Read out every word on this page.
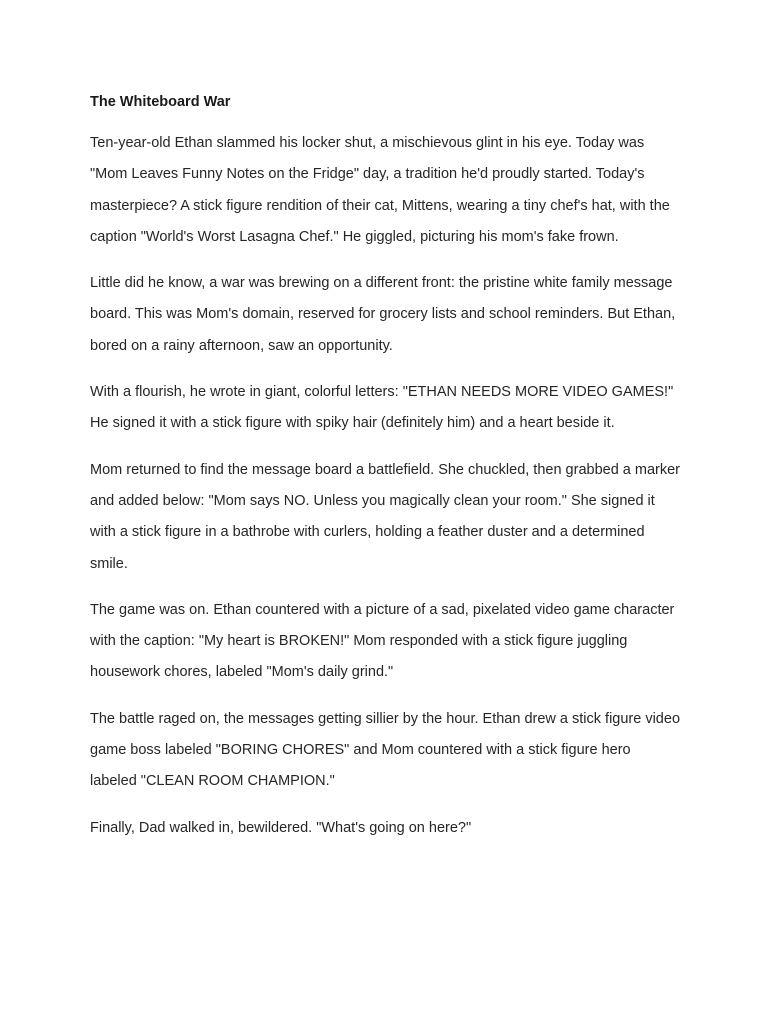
The Whiteboard War

Ten-year-old Ethan slammed his locker shut, a mischievous glint in his eye. Today was "Mom Leaves Funny Notes on the Fridge" day, a tradition he'd proudly started. Today's masterpiece? A stick figure rendition of their cat, Mittens, wearing a tiny chef's hat, with the caption "World's Worst Lasagna Chef." He giggled, picturing his mom's fake frown.

Little did he know, a war was brewing on a different front: the pristine white family message board. This was Mom's domain, reserved for grocery lists and school reminders. But Ethan, bored on a rainy afternoon, saw an opportunity.

With a flourish, he wrote in giant, colorful letters: "ETHAN NEEDS MORE VIDEO GAMES!" He signed it with a stick figure with spiky hair (definitely him) and a heart beside it.

Mom returned to find the message board a battlefield. She chuckled, then grabbed a marker and added below: "Mom says NO. Unless you magically clean your room." She signed it with a stick figure in a bathrobe with curlers, holding a feather duster and a determined smile.

The game was on. Ethan countered with a picture of a sad, pixelated video game character with the caption: "My heart is BROKEN!" Mom responded with a stick figure juggling housework chores, labeled "Mom's daily grind."

The battle raged on, the messages getting sillier by the hour. Ethan drew a stick figure video game boss labeled "BORING CHORES" and Mom countered with a stick figure hero labeled "CLEAN ROOM CHAMPION."

Finally, Dad walked in, bewildered. "What's going on here?"
